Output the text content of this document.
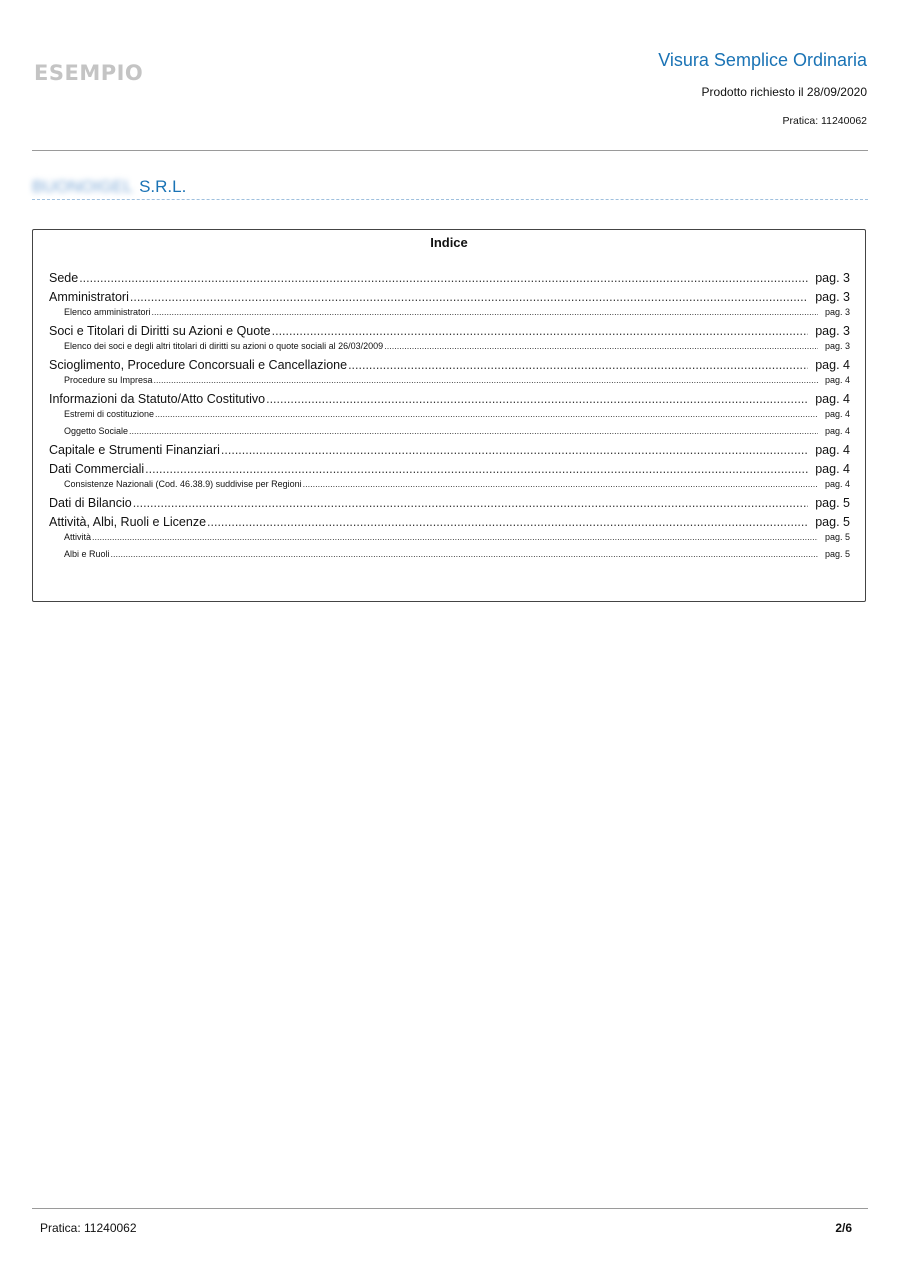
ESEMPIO
Visura Semplice Ordinaria
Prodotto richiesto il 28/09/2020
Pratica: 11240062
BUONOIGEL S.R.L.
Indice
Sede .....	pag. 3
Amministratori .....	pag. 3
Elenco amministratori .....	pag. 3
Soci e Titolari di Diritti su Azioni e Quote .....	pag. 3
Elenco dei soci e degli altri titolari di diritti su azioni o quote sociali al 26/03/2009 .....	pag. 3
Scioglimento, Procedure Concorsuali e Cancellazione .....	pag. 4
Procedure su Impresa .....	pag. 4
Informazioni da Statuto/Atto Costitutivo .....	pag. 4
Estremi di costituzione .....	pag. 4
Oggetto Sociale .....	pag. 4
Capitale e Strumenti Finanziari .....	pag. 4
Dati Commerciali .....	pag. 4
Consistenze Nazionali (Cod. 46.38.9) suddivise per Regioni .....	pag. 4
Dati di Bilancio .....	pag. 5
Attività, Albi, Ruoli e Licenze .....	pag. 5
Attività .....	pag. 5
Albi e Ruoli .....	pag. 5
Pratica: 11240062	2/6
